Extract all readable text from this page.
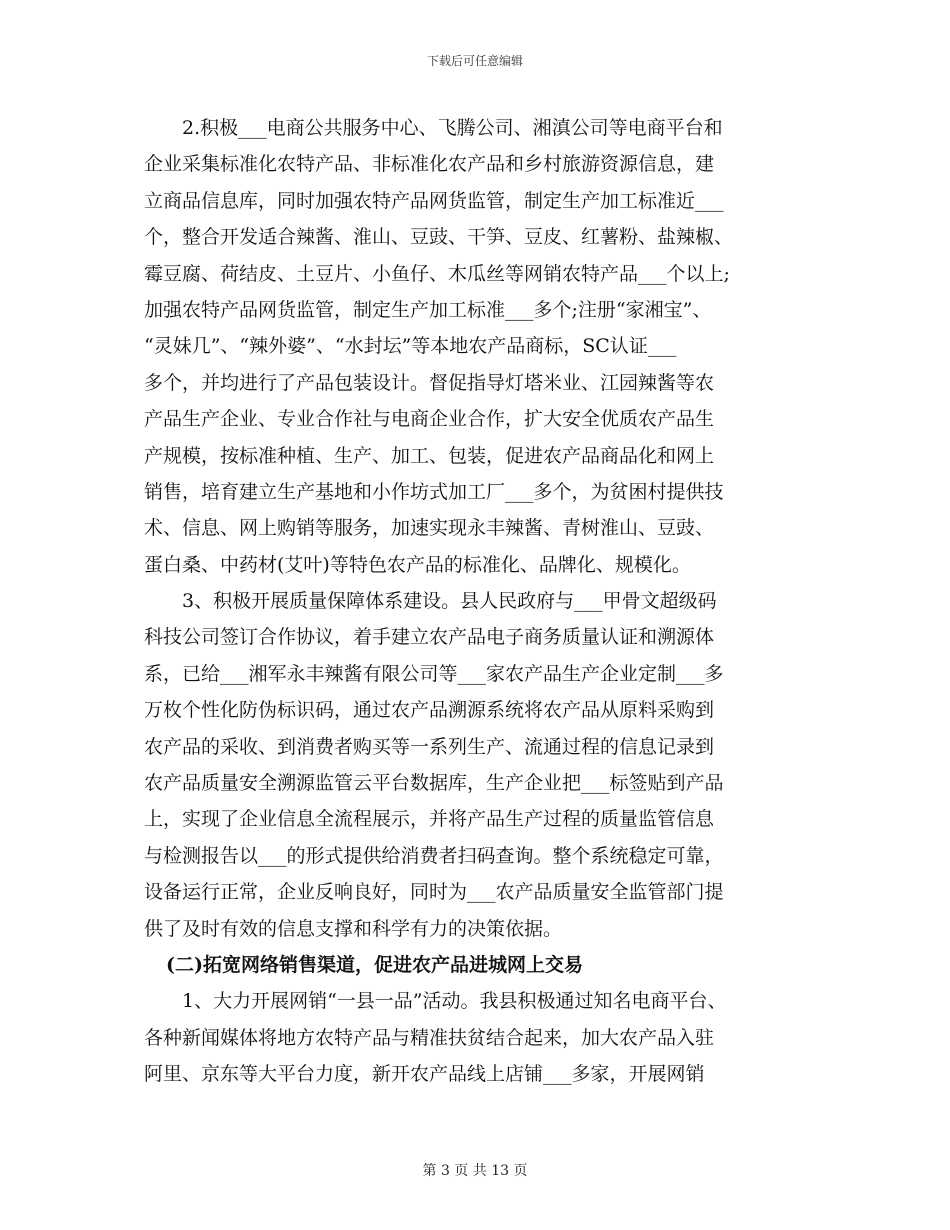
下载后可任意编辑
2.积极___电商公共服务中心、飞腾公司、湘滇公司等电商平台和
企业采集标准化农特产品、非标准化农产品和乡村旅游资源信息，建
立商品信息库，同时加强农特产品网货监管，制定生产加工标准近___
个，整合开发适合辣酱、淮山、豆豉、干笋、豆皮、红薯粉、盐辣椒、
霉豆腐、荷结皮、土豆片、小鱼仔、木瓜丝等网销农特产品___个以上;
加强农特产品网货监管，制定生产加工标准___多个;注册“家湘宝”、
“灵妹几”、“辣外婆”、“水封坛”等本地农产品商标，SC认证___
多个，并均进行了产品包装设计。督促指导灯塔米业、江园辣酱等农
产品生产企业、专业合作社与电商企业合作，扩大安全优质农产品生
产规模，按标准种植、生产、加工、包装，促进农产品商品化和网上
销售，培育建立生产基地和小作坊式加工厂___多个，为贫困村提供技
术、信息、网上购销等服务，加速实现永丰辣酱、青树淮山、豆豉、
蛋白桑、中药材(艾叶)等特色农产品的标准化、品牌化、规模化。
3、积极开展质量保障体系建设。县人民政府与___甲骨文超级码
科技公司签订合作协议，着手建立农产品电子商务质量认证和溯源体
系，已给___湘军永丰辣酱有限公司等___家农产品生产企业定制___多
万枚个性化防伪标识码，通过农产品溯源系统将农产品从原料采购到
农产品的采收、到消费者购买等一系列生产、流通过程的信息记录到
农产品质量安全溯源监管云平台数据库，生产企业把___标签贴到产品
上，实现了企业信息全流程展示，并将产品生产过程的质量监管信息
与检测报告以___的形式提供给消费者扫码查询。整个系统稳定可靠，
设备运行正常，企业反响良好，同时为___农产品质量安全监管部门提
供了及时有效的信息支撑和科学有力的决策依据。
(二)拓宽网络销售渠道，促进农产品进城网上交易
1、大力开展网销“一县一品”活动。我县积极通过知名电商平台、
各种新闻媒体将地方农特产品与精准扶贫结合起来，加大农产品入驻
阿里、京东等大平台力度，新开农产品线上店铺___多家，开展网销
第 3 页 共 13 页
